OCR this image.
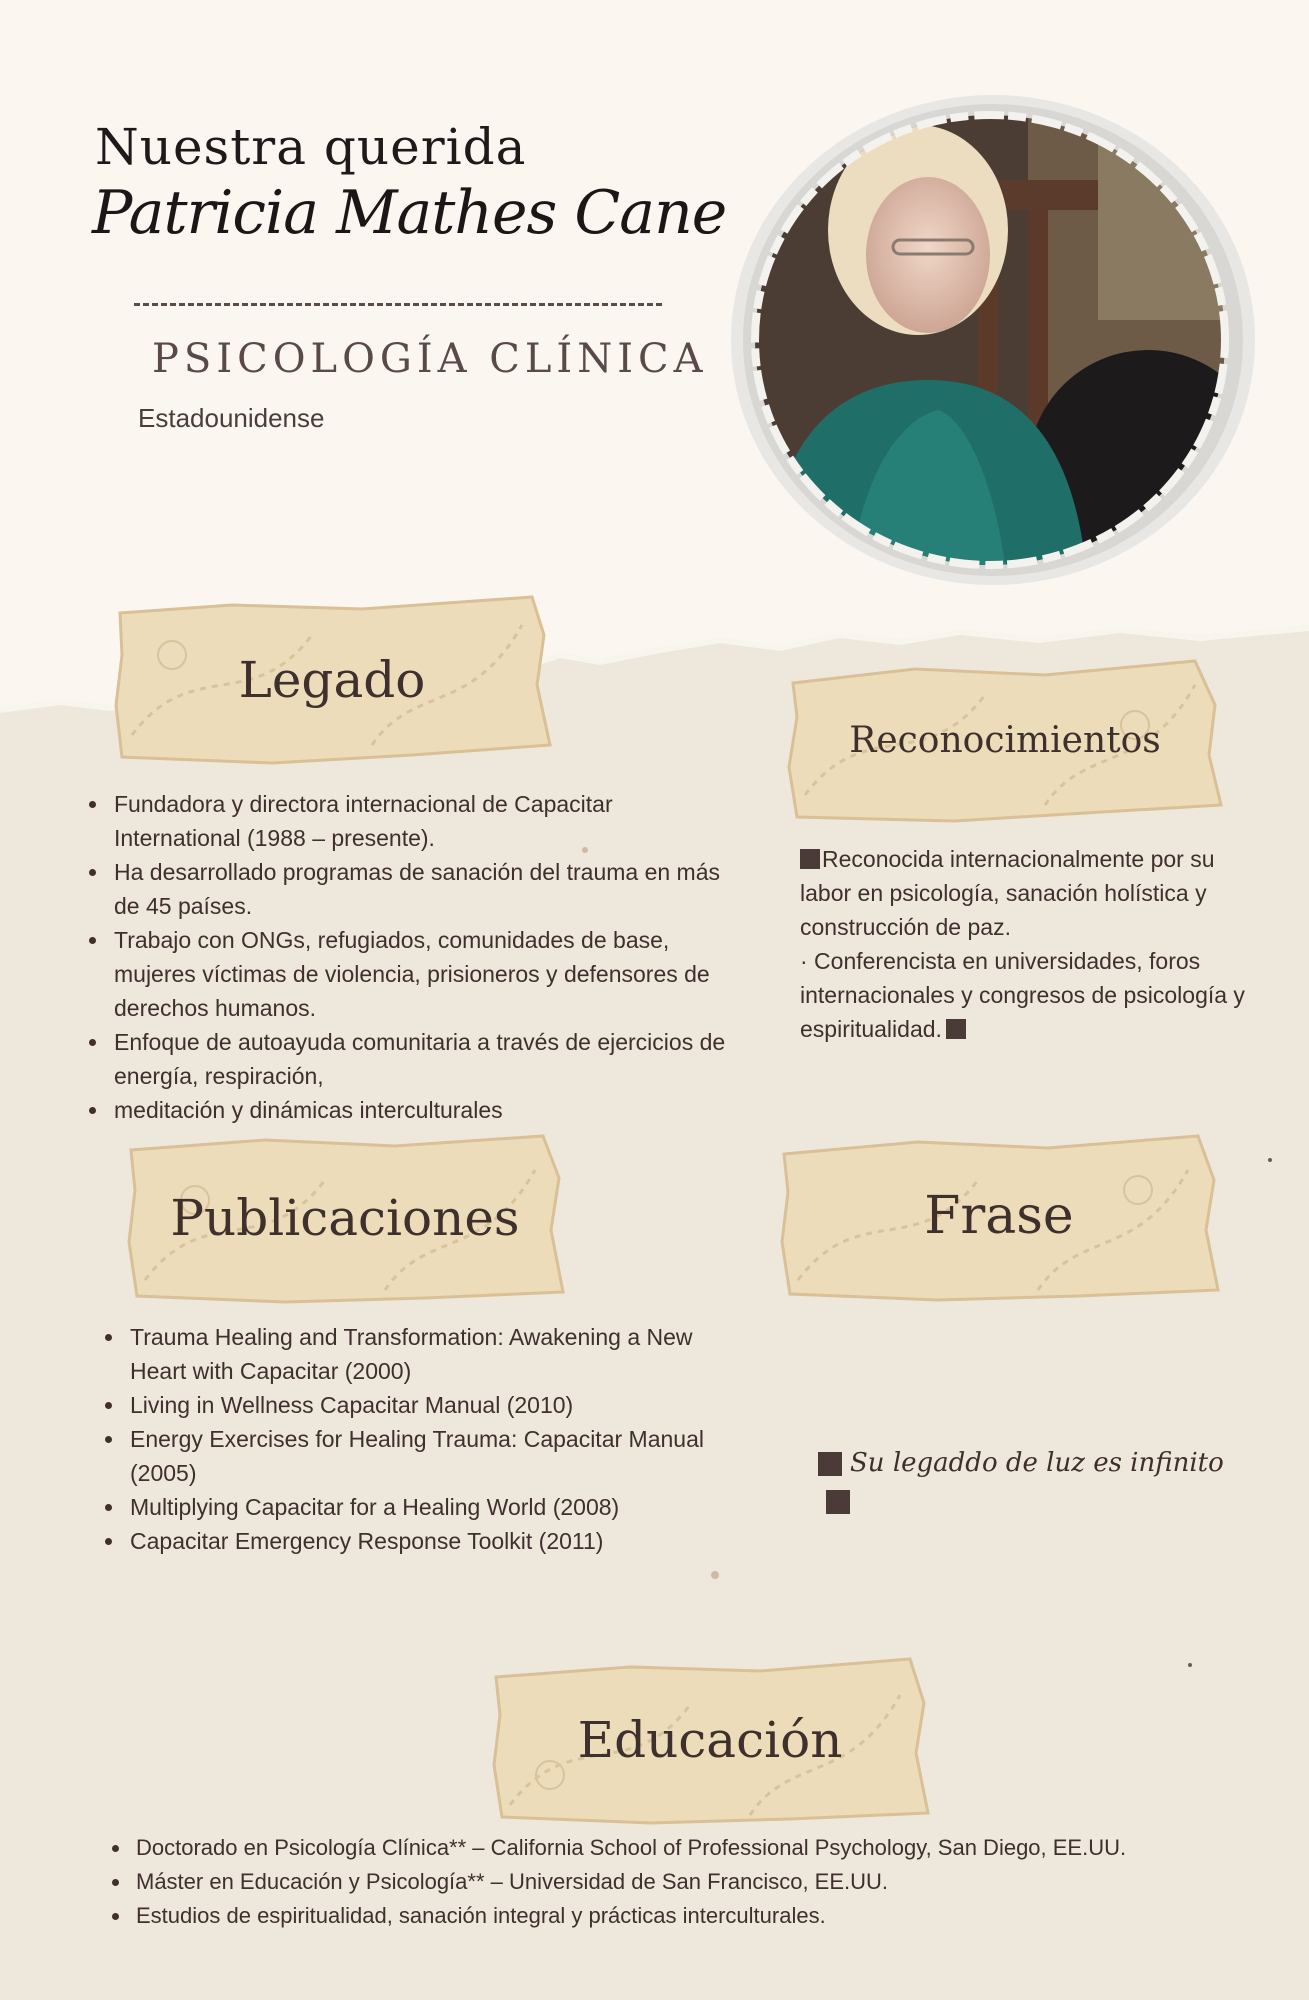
Nuestra querida
Patricia Mathes Cane
PSICOLOGÍA CLÍNICA
Estadounidense
Legado
Reconocimientos
Publicaciones	Frase
Educación
• Fundadora y directora internacional de Capacitar International (1988 – presente).
• Ha desarrollado programas de sanación del trauma en más de 45 países.
• Trabajo con ONGs, refugiados, comunidades de base, mujeres víctimas de violencia, prisioneros y defensores de derechos humanos.
• Enfoque de autoayuda comunitaria a través de ejercicios de energía, respiración,
• meditación y dinámicas interculturales
Reconocida internacionalmente por su labor en psicología, sanación holística y construcción de paz.
· Conferencista en universidades, foros internacionales y congresos de psicología y espiritualidad.
• Trauma Healing and Transformation: Awakening a New Heart with Capacitar (2000)
• Living in Wellness Capacitar Manual (2010)
• Energy Exercises for Healing Trauma: Capacitar Manual (2005)
• Multiplying Capacitar for a Healing World (2008)
• Capacitar Emergency Response Toolkit (2011)
Su legaddo de luz es infinito
• Doctorado en Psicología Clínica** – California School of Professional Psychology, San Diego, EE.UU.
• Máster en Educación y Psicología** – Universidad de San Francisco, EE.UU.
• Estudios de espiritualidad, sanación integral y prácticas interculturales.
